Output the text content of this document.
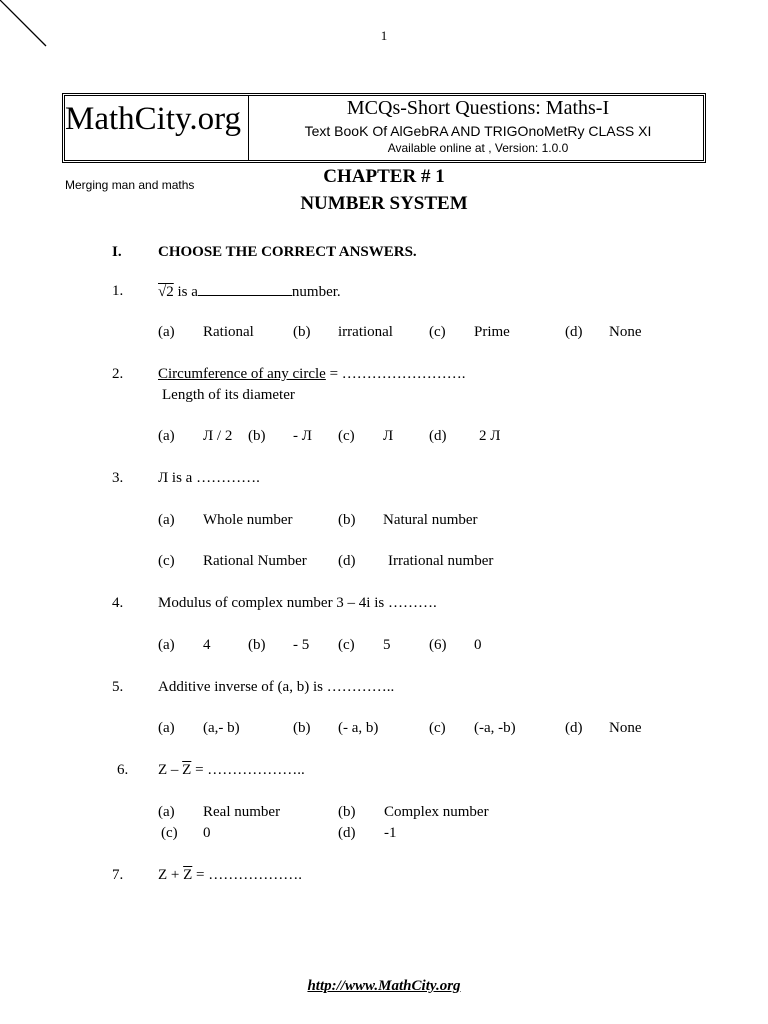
1
MathCity.org
Merging man and maths
MCQs-Short Questions: Maths-I
Text BooK Of AlGebRA AND TRIGOnoMetRy CLASS XI
Available online at , Version: 1.0.0
CHAPTER # 1
NUMBER SYSTEM
I. CHOOSE THE CORRECT ANSWERS.
1. √2 is a	number.
(a) Rational	(b) irrational (c) Prime	(d) None
2. Circumference of any circle = …………………….
Length of its diameter
(a) Л / 2 (b) - Л (c) Л (d) 2 Л
3. Л is a ………….
(a) Whole number	(b) Natural number
(c) Rational Number (d) Irrational number
4. Modulus of complex number 3 – 4i is ……….
(a) 4	(b) - 5 (c) 5	(6) 0
5. Additive inverse of (a, b) is …………..
(a) (a,- b)	(b) (- a, b)	(c) (-a, -b)	(d) None
6. Z – $\overline{Z}$ = ………………..
(a) Real number	(b) Complex number
(c) 0	(d) -1
7. $Z + \overline{Z}$ = ……………….
http://www.MathCity.org
